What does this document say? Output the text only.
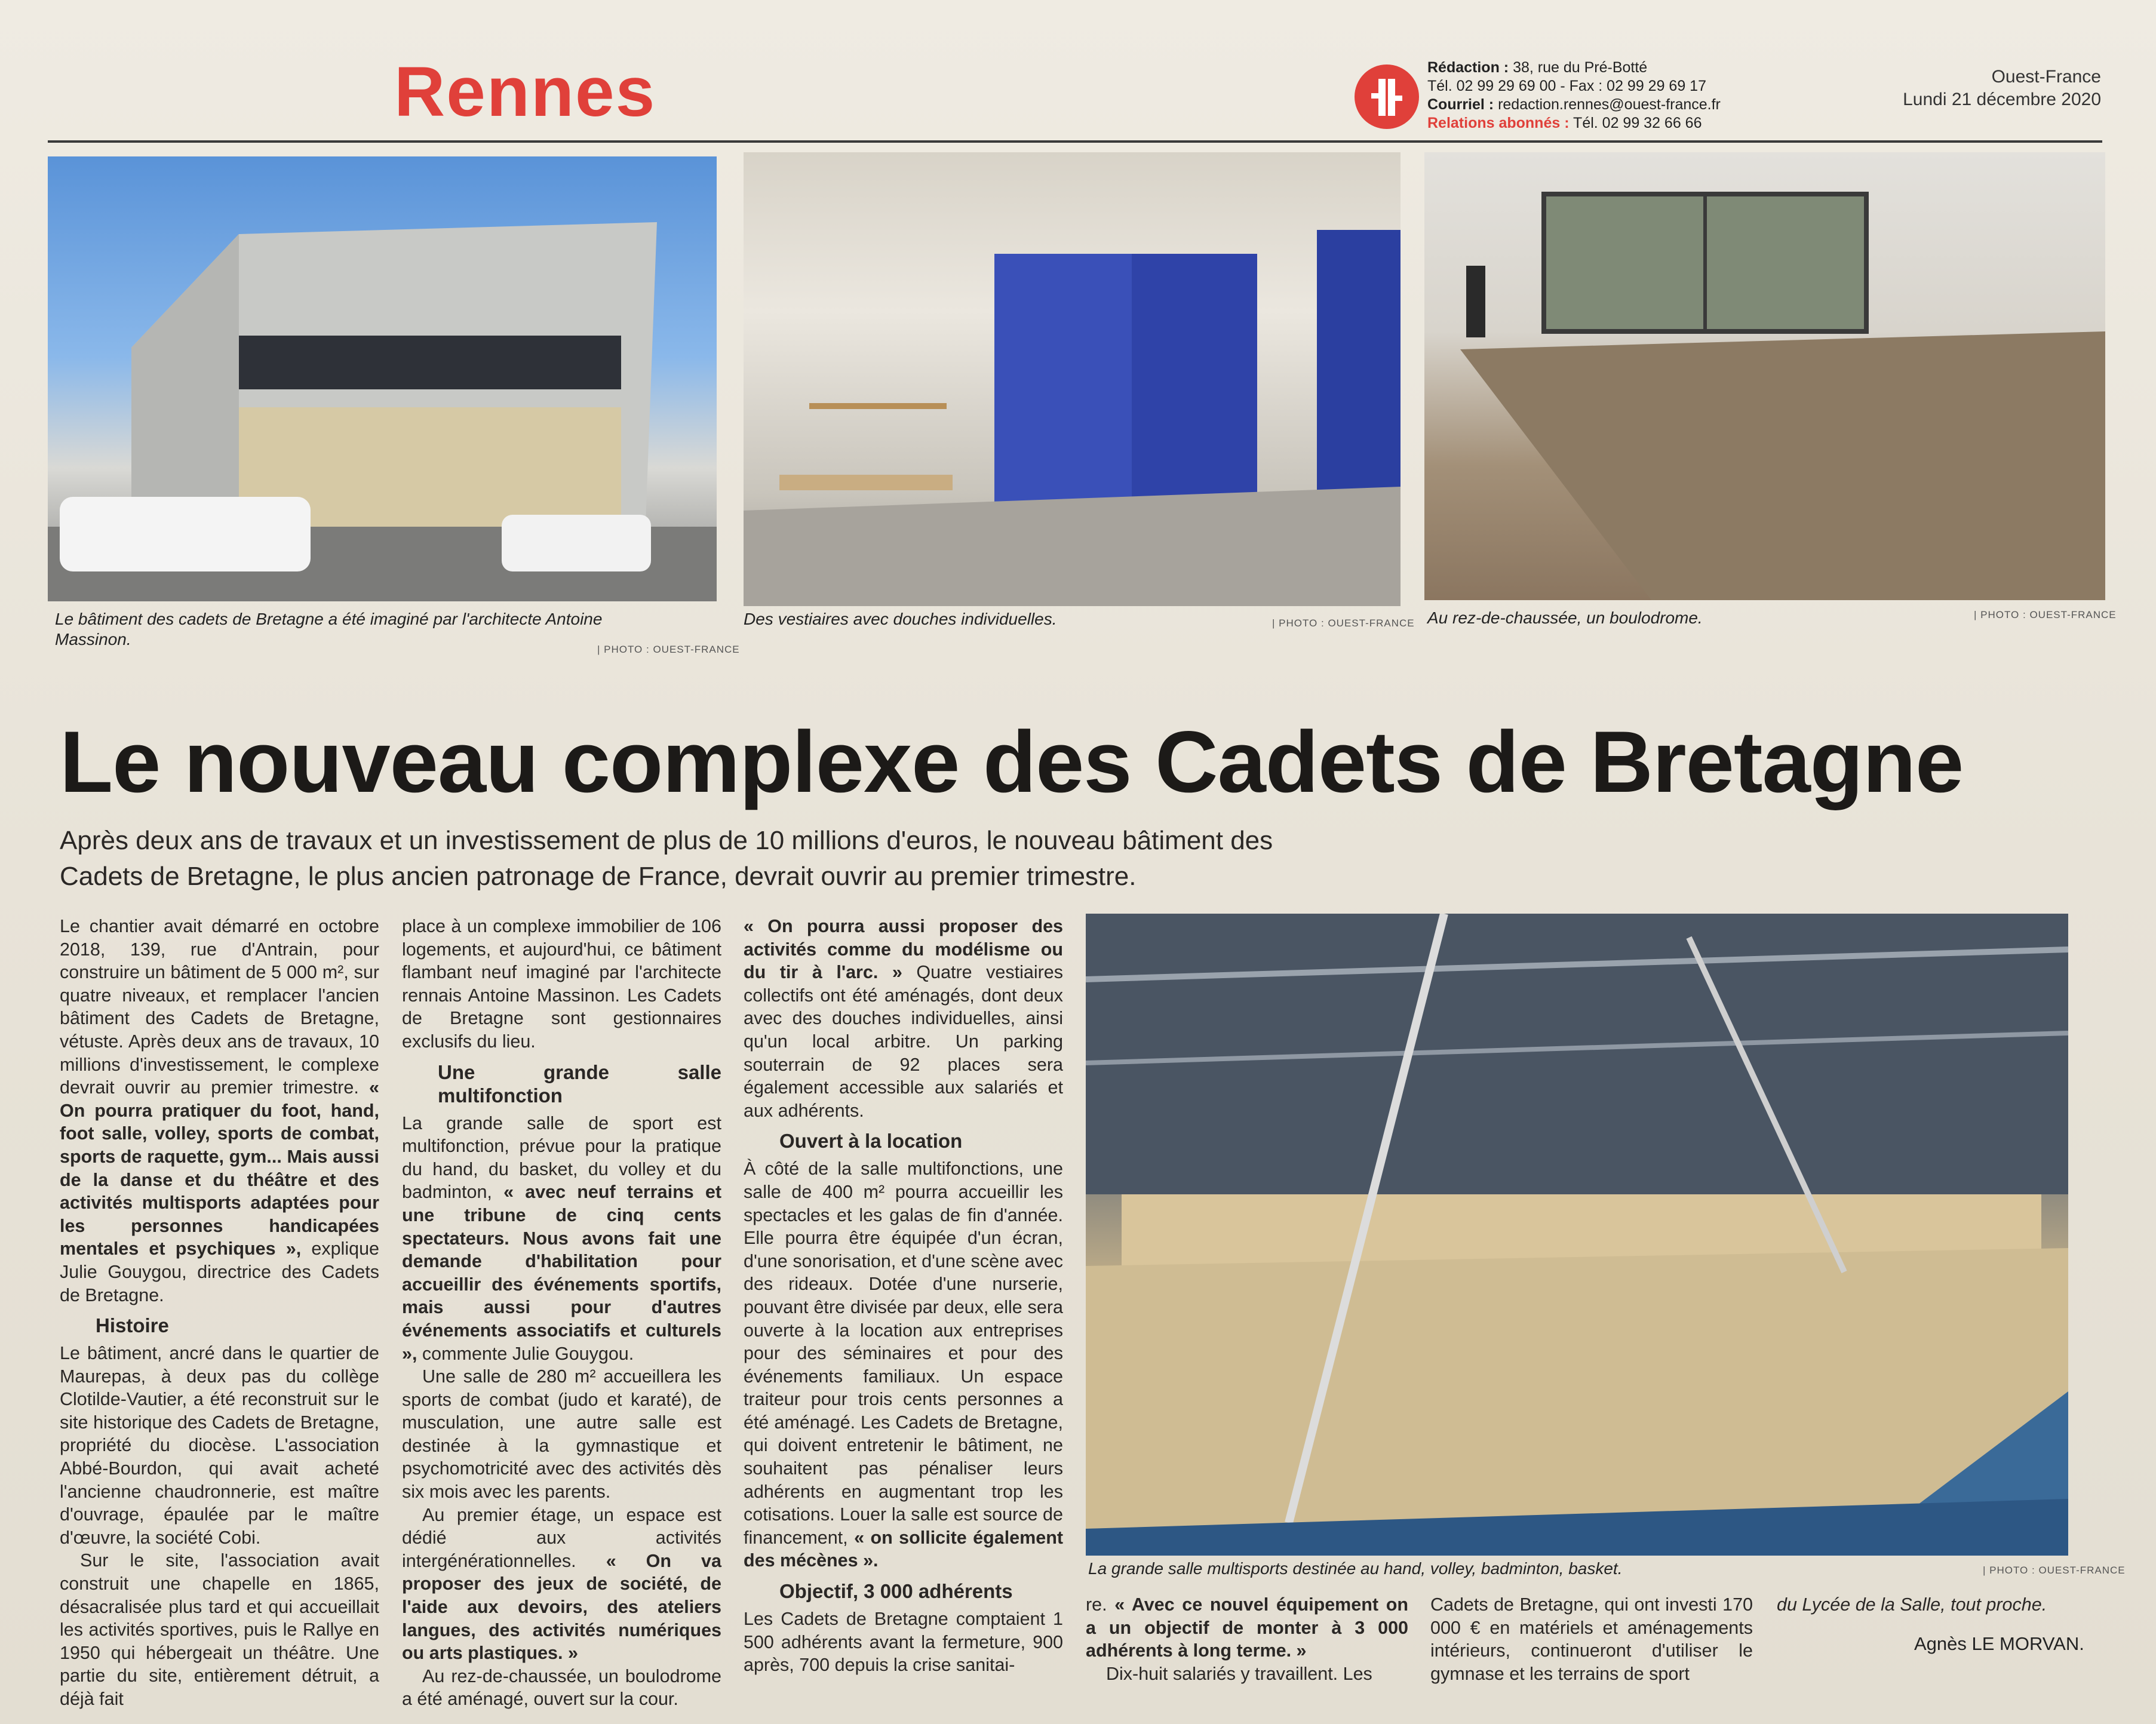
Rennes	Rédaction : 38, rue du Pré-Botté
Tél. 02 99 29 69 00 - Fax : 02 99 29 69 17
Courriel : redaction.rennes@ouest-france.fr
Relations abonnés : Tél. 02 99 32 66 66
Ouest-France
Lundi 21 décembre 2020
Le bâtiment des cadets de Bretagne a été imaginé par l'architecte Antoine Massinon.
| PHOTO : OUEST-FRANCE
Des vestiaires avec douches individuelles.	| PHOTO : OUEST-FRANCE Au rez-de-chaussée, un boulodrome.	| PHOTO : OUEST-FRANCE
Le nouveau complexe des Cadets de Bretagne
Après deux ans de travaux et un investissement de plus de 10 millions d'euros, le nouveau bâtiment des Cadets de Bretagne, le plus ancien patronage de France, devrait ouvrir au premier trimestre.

Le chantier avait démarré en octobre 2018, 139, rue d'Antrain, pour construire un bâtiment de 5 000 m², sur quatre niveaux, et remplacer l'ancien bâtiment des Cadets de Bretagne, vétuste. Après deux ans de travaux, 10 millions d'investissement, le complexe devrait ouvrir au premier trimestre. « On pourra pratiquer du foot, hand, foot salle, volley, sports de combat, sports de raquette, gym... Mais aussi de la danse et du théâtre et des activités multisports adaptées pour les personnes handicapées mentales et psychiques », explique Julie Gouygou, directrice des Cadets de Bretagne.

Histoire

Le bâtiment, ancré dans le quartier de Maurepas, à deux pas du collège Clotilde-Vautier, a été reconstruit sur le site historique des Cadets de Bretagne, propriété du diocèse. L'association Abbé-Bourdon, qui avait acheté l'ancienne chaudronnerie, est maître d'ouvrage, épaulée par le maître d'œuvre, la société Cobi.

Sur le site, l'association avait construit une chapelle en 1865, désacralisée plus tard et qui accueillait les activités sportives, puis le Rallye en 1950 qui hébergeait un théâtre. Une partie du site, entièrement détruit, a déjà fait

place à un complexe immobilier de 106 logements, et aujourd'hui, ce bâtiment flambant neuf imaginé par l'architecte rennais Antoine Massinon. Les Cadets de Bretagne sont gestionnaires exclusifs du lieu.

Une grande salle multifonction

La grande salle de sport est multifonction, prévue pour la pratique du hand, du basket, du volley et du badminton, « avec neuf terrains et une tribune de cinq cents spectateurs. Nous avons fait une demande d'habilitation pour accueillir des événements sportifs, mais aussi pour d'autres événements associatifs et culturels », commente Julie Gouygou.

Une salle de 280 m² accueillera les sports de combat (judo et karaté), de musculation, une autre salle est destinée à la gymnastique et psychomotricité avec des activités dès six mois avec les parents.

Au premier étage, un espace est dédié aux activités intergénérationnelles. « On va proposer des jeux de société, de l'aide aux devoirs, des ateliers langues, des activités numériques ou arts plastiques. »

Au rez-de-chaussée, un boulodrome a été aménagé, ouvert sur la cour.

« On pourra aussi proposer des activités comme du modélisme ou du tir à l'arc. » Quatre vestiaires collectifs ont été aménagés, dont deux avec des douches individuelles, ainsi qu'un local arbitre. Un parking souterrain de 92 places sera également accessible aux salariés et aux adhérents.

Ouvert à la location

À côté de la salle multifonctions, une salle de 400 m² pourra accueillir les spectacles et les galas de fin d'année. Elle pourra être équipée d'un écran, d'une sonorisation, et d'une scène avec des rideaux. Dotée d'une nurserie, pouvant être divisée par deux, elle sera ouverte à la location aux entreprises pour des séminaires et pour des événements familiaux. Un espace traiteur pour trois cents personnes a été aménagé. Les Cadets de Bretagne, qui doivent entretenir le bâtiment, ne souhaitent pas pénaliser leurs adhérents en augmentant trop les cotisations. Louer la salle est source de financement, « on sollicite également des mécènes ».

Objectif, 3 000 adhérents

Les Cadets de Bretagne comptaient 1 500 adhérents avant la fermeture, 900 après, 700 depuis la crise sanitai-

La grande salle multisports destinée au hand, volley, badminton, basket.	| PHOTO : OUEST-FRANCE

re. « Avec ce nouvel équipement on a un objectif de monter à 3 000 adhérents à long terme. »

Dix-huit salariés y travaillent. Les

Cadets de Bretagne, qui ont investi 170 000 € en matériels et aménagements intérieurs, continueront d'utiliser le gymnase et les terrains de sport

du Lycée de la Salle, tout proche.

Agnès LE MORVAN.
